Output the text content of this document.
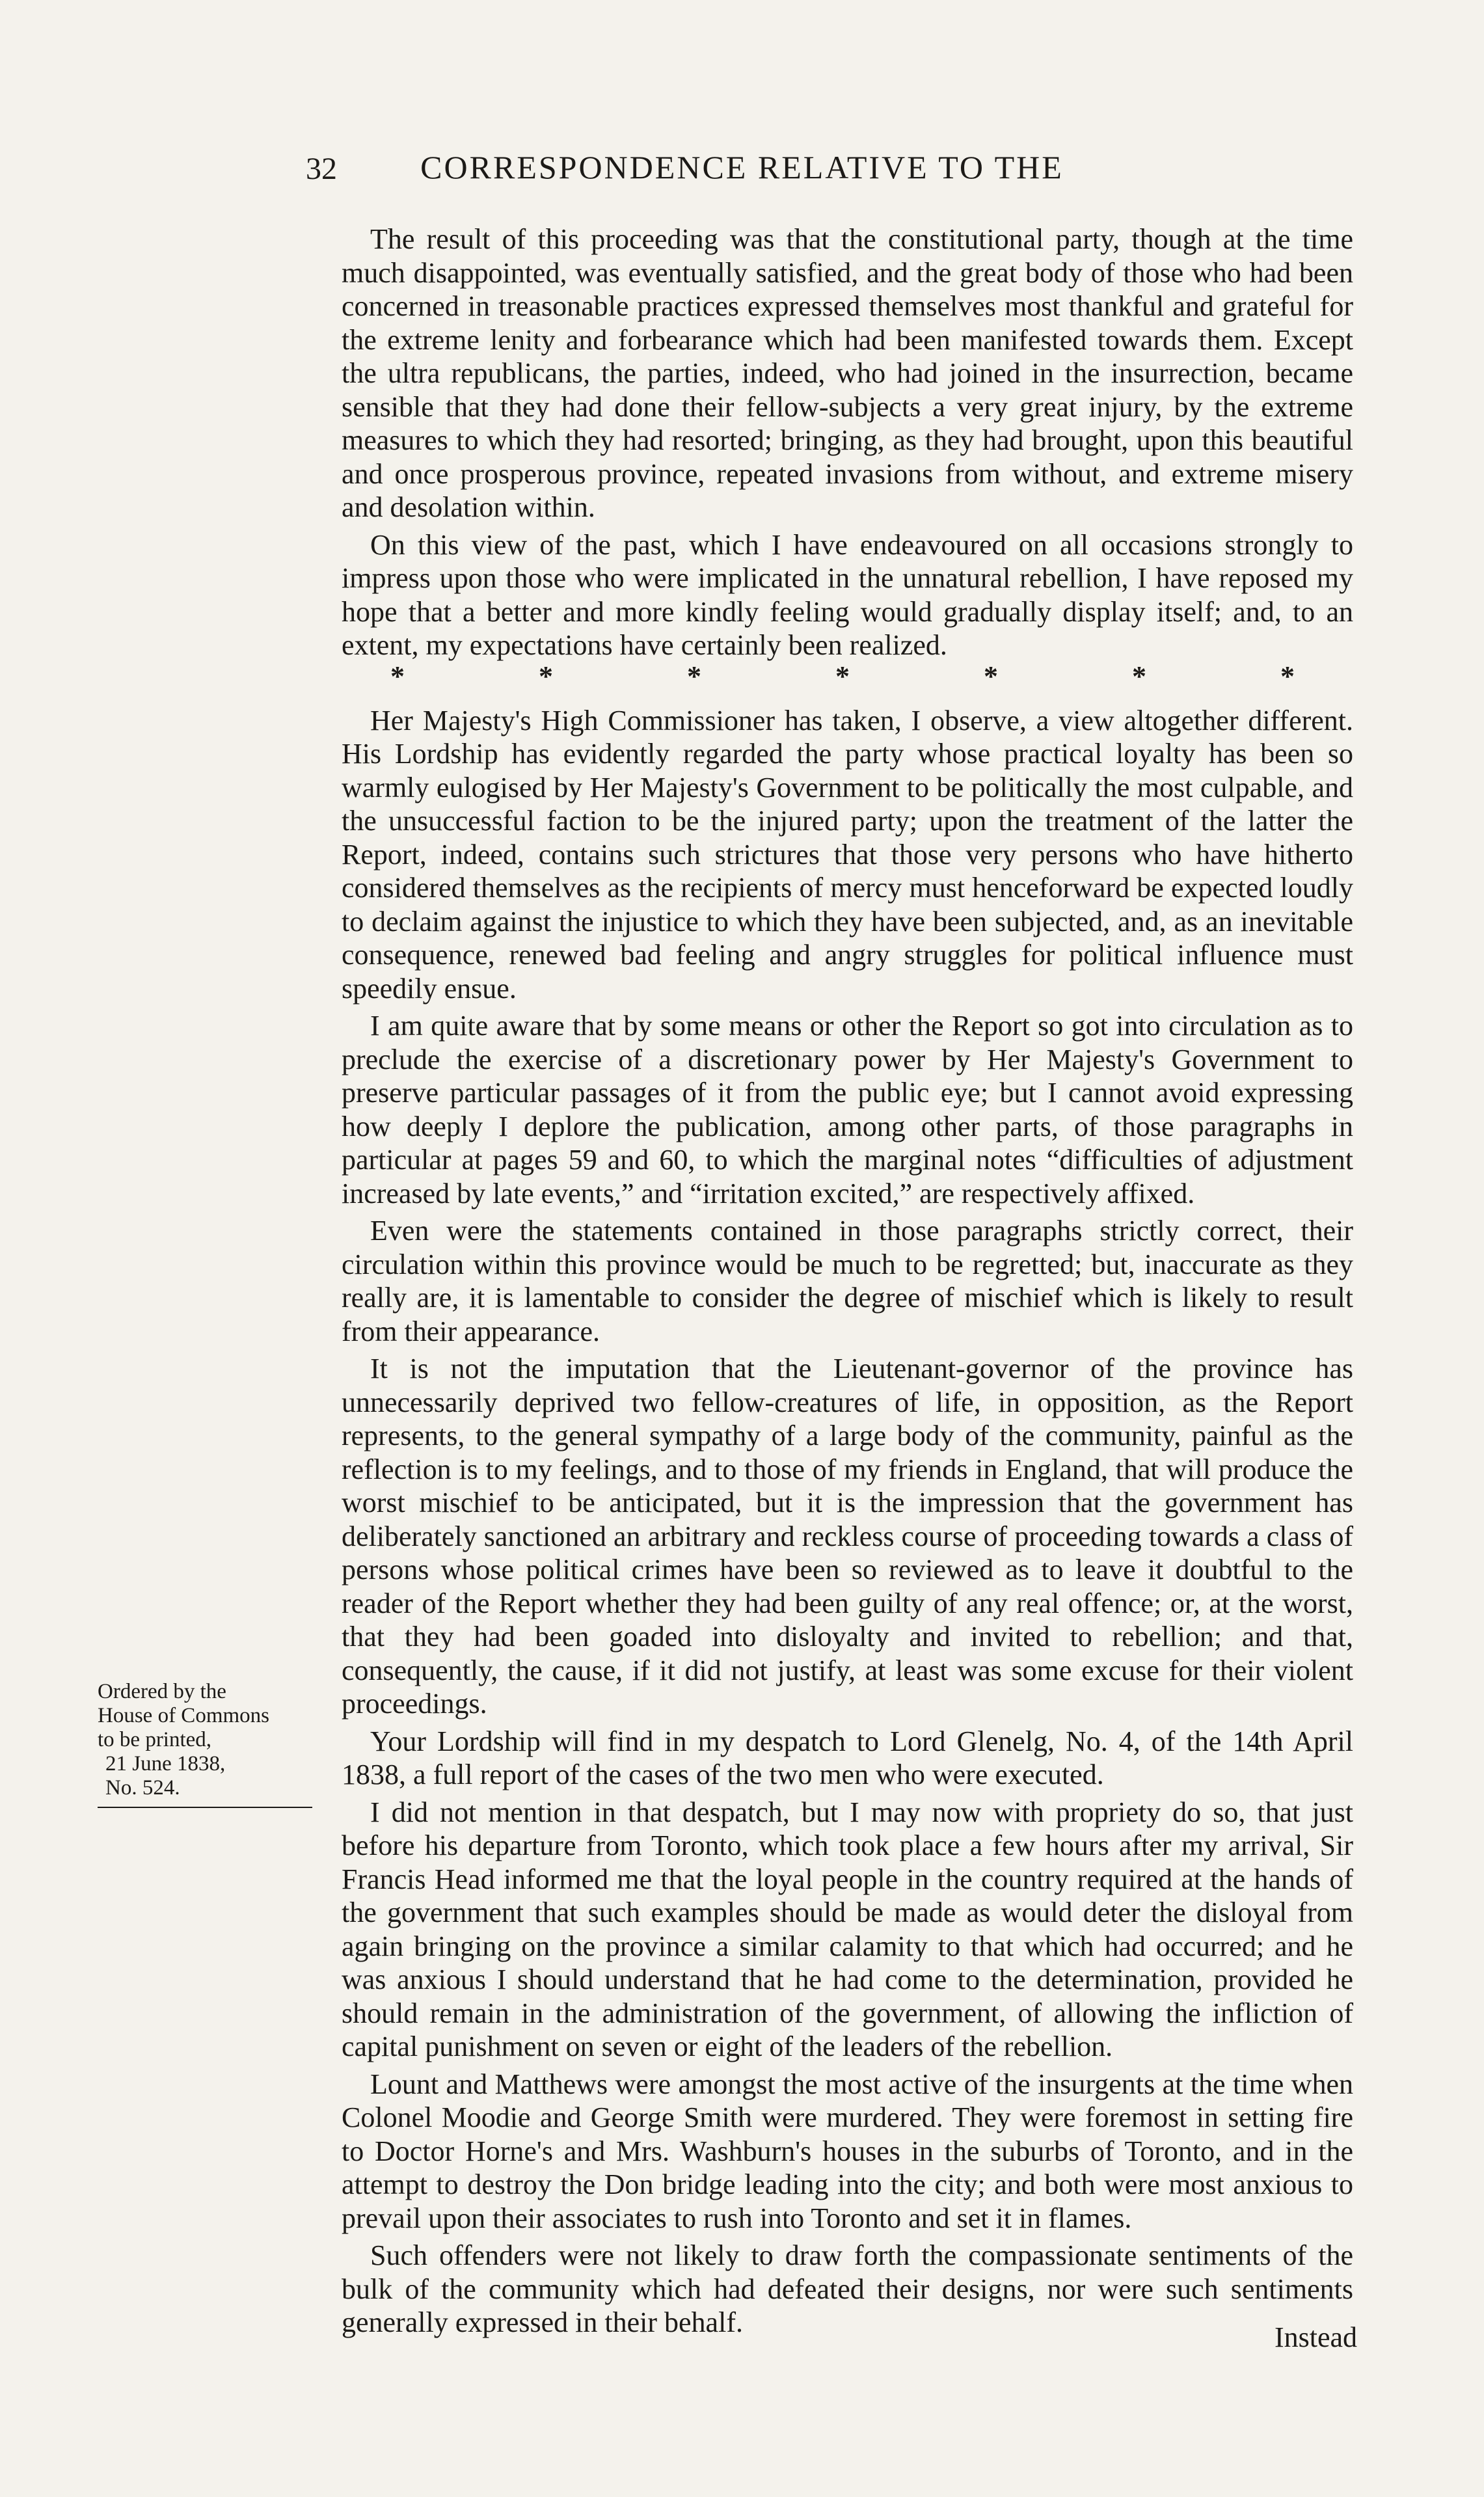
32	CORRESPONDENCE RELATIVE TO THE

The result of this proceeding was that the constitutional party, though at the time much disappointed, was eventually satisfied, and the great body of those who had been concerned in treasonable practices expressed themselves most thankful and grateful for the extreme lenity and forbearance which had been manifested towards them. Except the ultra republicans, the parties, indeed, who had joined in the insurrection, became sensible that they had done their fellow-subjects a very great injury, by the extreme measures to which they had resorted; bringing, as they had brought, upon this beautiful and once prosperous province, repeated invasions from without, and extreme misery and desolation within.

On this view of the past, which I have endeavoured on all occasions strongly to impress upon those who were implicated in the unnatural rebellion, I have reposed my hope that a better and more kindly feeling would gradually display itself; and, to an extent, my expectations have certainly been realized.

*	*	*	*	*	*	*

Her Majesty's High Commissioner has taken, I observe, a view altogether different. His Lordship has evidently regarded the party whose practical loyalty has been so warmly eulogised by Her Majesty's Government to be politically the most culpable, and the unsuccessful faction to be the injured party; upon the treatment of the latter the Report, indeed, contains such strictures that those very persons who have hitherto considered themselves as the recipients of mercy must henceforward be expected loudly to declaim against the injustice to which they have been subjected, and, as an inevitable consequence, renewed bad feeling and angry struggles for political influence must speedily ensue.

I am quite aware that by some means or other the Report so got into circulation as to preclude the exercise of a discretionary power by Her Majesty's Government to preserve particular passages of it from the public eye; but I cannot avoid expressing how deeply I deplore the publication, among other parts, of those paragraphs in particular at pages 59 and 60, to which the marginal notes “difficulties of adjustment increased by late events,” and “irritation excited,” are respectively affixed.

Even were the statements contained in those paragraphs strictly correct, their circulation within this province would be much to be regretted; but, inaccurate as they really are, it is lamentable to consider the degree of mischief which is likely to result from their appearance.

It is not the imputation that the Lieutenant-governor of the province has unnecessarily deprived two fellow-creatures of life, in opposition, as the Report represents, to the general sympathy of a large body of the community, painful as the reflection is to my feelings, and to those of my friends in England, that will produce the worst mischief to be anticipated, but it is the impression that the government has deliberately sanctioned an arbitrary and reckless course of proceeding towards a class of persons whose political crimes have been so reviewed as to leave it doubtful to the reader of the Report whether they had been guilty of any real offence; or, at the worst, that they had been goaded into disloyalty and invited to rebellion; and that, consequently, the cause, if it did not justify, at least was some excuse for their violent proceedings.

Your Lordship will find in my despatch to Lord Glenelg, No. 4, of the 14th April 1838, a full report of the cases of the two men who were executed.

I did not mention in that despatch, but I may now with propriety do so, that just before his departure from Toronto, which took place a few hours after my arrival, Sir Francis Head informed me that the loyal people in the country required at the hands of the government that such examples should be made as would deter the disloyal from again bringing on the province a similar calamity to that which had occurred; and he was anxious I should understand that he had come to the determination, provided he should remain in the administration of the government, of allowing the infliction of capital punishment on seven or eight of the leaders of the rebellion.

Lount and Matthews were amongst the most active of the insurgents at the time when Colonel Moodie and George Smith were murdered. They were foremost in setting fire to Doctor Horne's and Mrs. Washburn's houses in the suburbs of Toronto, and in the attempt to destroy the Don bridge leading into the city; and both were most anxious to prevail upon their associates to rush into Toronto and set it in flames.

Such offenders were not likely to draw forth the compassionate sentiments of the bulk of the community which had defeated their designs, nor were such sentiments generally expressed in their behalf.

Ordered by the
House of Commons
to be printed,
21 June 1838,
No. 524.
Instead
